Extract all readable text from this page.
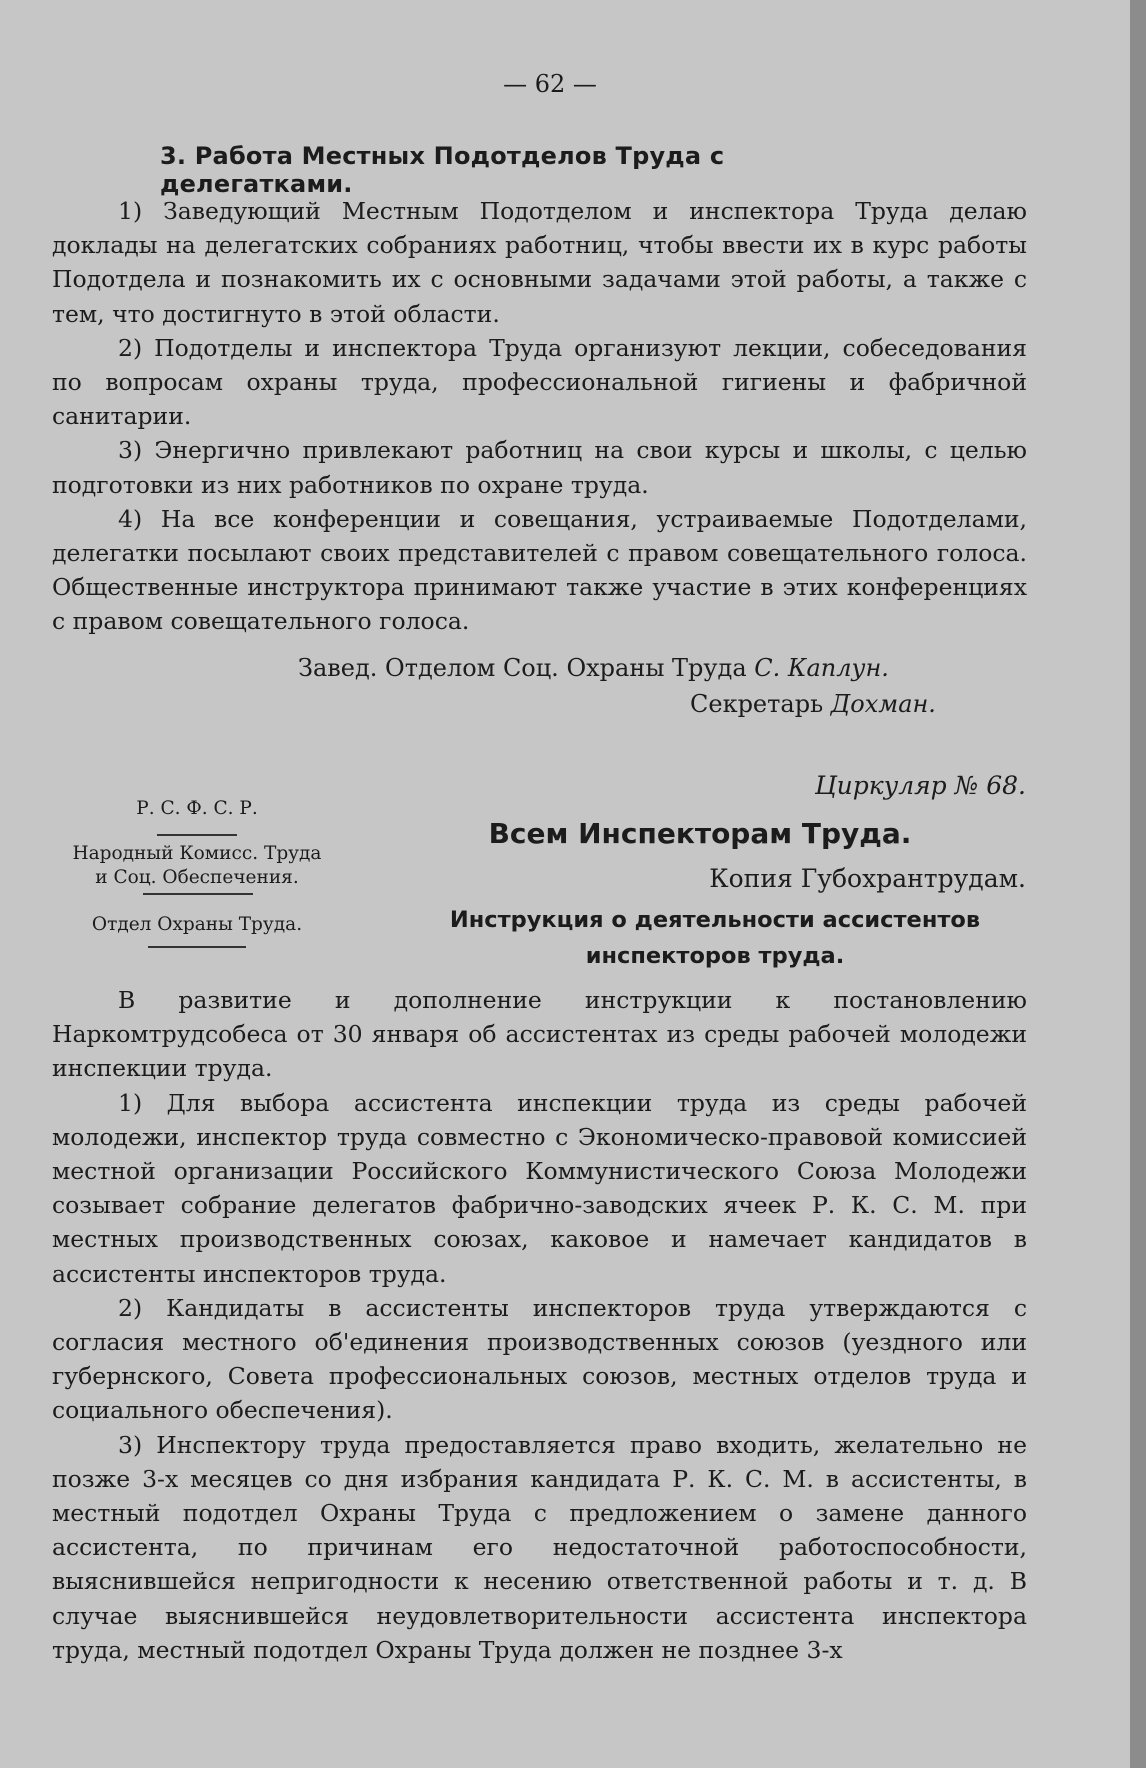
— 62 —
3. Работа Местных Подотделов Труда с делегатками.

1) Заведующий Местным Подотделом и инспектора Труда делаю доклады на делегатских собраниях работниц, чтобы ввести их в курс работы Подотдела и познакомить их с основными задачами этой работы, а также с тем, что достигнуто в этой области.

2) Подотделы и инспектора Труда организуют лекции, собеседования по вопросам охраны труда, профессиональной гигиены и фабричной санитарии.

3) Энергично привлекают работниц на свои курсы и школы, с целью подготовки из них работников по охране труда.

4) На все конференции и совещания, устраиваемые Подотделами, делегатки посылают своих представителей с правом совещательного голоса. Общественные инструктора принимают также участие в этих конференциях с правом совещательного голоса.

Завед. Отделом Соц. Охраны Труда С. Каплун.
Секретарь Дохман.
Р. С. Ф. С. Р.
Народный Комисс. Труда
и Соц. Обеспечения.
Отдел Охраны Труда.
Циркуляр № 68.
Всем Инспекторам Труда.
Копия Губохрантрудам.
Инструкция о деятельности ассистентов инспекторов труда.

В развитие и дополнение инструкции к постановлению Наркомтрудсобеса от 30 января об ассистентах из среды рабочей молодежи инспекции труда.

1) Для выбора ассистента инспекции труда из среды рабочей молодежи, инспектор труда совместно с Экономическо-правовой комиссией местной организации Российского Коммунистического Союза Молодежи созывает собрание делегатов фабрично-заводских ячеек Р. К. С. М. при местных производственных союзах, каковое и намечает кандидатов в ассистенты инспекторов труда.

2) Кандидаты в ассистенты инспекторов труда утверждаются с согласия местного об'единения производственных союзов (уездного или губернского, Совета профессиональных союзов, местных отделов труда и социального обеспечения).

3) Инспектору труда предоставляется право входить, желательно не позже 3-х месяцев со дня избрания кандидата Р. К. С. М. в ассистенты, в местный подотдел Охраны Труда с предложением о замене данного ассистента, по причинам его недостаточной работоспособности, выяснившейся непригодности к несению ответственной работы и т. д. В случае выяснившейся неудовлетворительности ассистента инспектора труда, местный подотдел Охраны Труда должен не позднее 3-х
